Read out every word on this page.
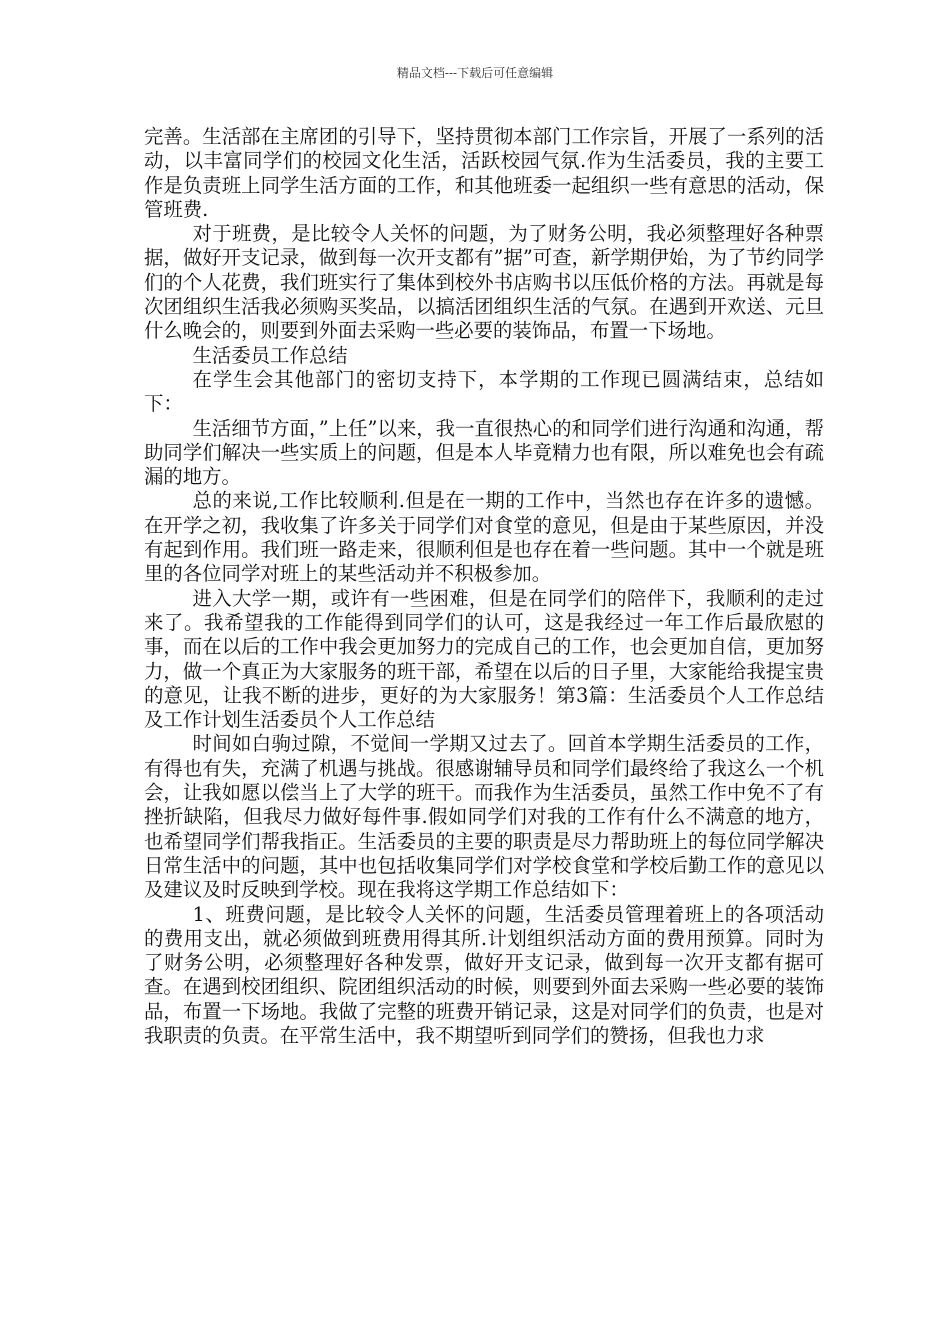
精品文档---下载后可任意编辑

完善。生活部在主席团的引导下，坚持贯彻本部门工作宗旨，开展了一系列的活动，以丰富同学们的校园文化生活，活跃校园气氛.作为生活委员，我的主要工作是负责班上同学生活方面的工作，和其他班委一起组织一些有意思的活动，保管班费.

对于班费，是比较令人关怀的问题，为了财务公明，我必须整理好各种票据，做好开支记录，做到每一次开支都有”据”可查，新学期伊始，为了节约同学们的个人花费，我们班实行了集体到校外书店购书以压低价格的方法。再就是每次团组织生活我必须购买奖品，以搞活团组织生活的气氛。在遇到开欢送、元旦什么晚会的，则要到外面去采购一些必要的装饰品，布置一下场地。

生活委员工作总结

在学生会其他部门的密切支持下，本学期的工作现已圆满结束，总结如下：

生活细节方面，”上任”以来，我一直很热心的和同学们进行沟通和沟通，帮助同学们解决一些实质上的问题，但是本人毕竟精力也有限，所以难免也会有疏漏的地方。

总的来说,工作比较顺利.但是在一期的工作中，当然也存在许多的遗憾。在开学之初，我收集了许多关于同学们对食堂的意见，但是由于某些原因，并没有起到作用。我们班一路走来，很顺利但是也存在着一些问题。其中一个就是班里的各位同学对班上的某些活动并不积极参加。

进入大学一期，或许有一些困难，但是在同学们的陪伴下，我顺利的走过来了。我希望我的工作能得到同学们的认可，这是我经过一年工作后最欣慰的事，而在以后的工作中我会更加努力的完成自己的工作，也会更加自信，更加努力，做一个真正为大家服务的班干部，希望在以后的日子里，大家能给我提宝贵的意见，让我不断的进步，更好的为大家服务！第3篇：生活委员个人工作总结及工作计划生活委员个人工作总结

时间如白驹过隙，不觉间一学期又过去了。回首本学期生活委员的工作，有得也有失，充满了机遇与挑战。很感谢辅导员和同学们最终给了我这么一个机会，让我如愿以偿当上了大学的班干。而我作为生活委员，虽然工作中免不了有挫折缺陷，但我尽力做好每件事.假如同学们对我的工作有什么不满意的地方，也希望同学们帮我指正。生活委员的主要的职责是尽力帮助班上的每位同学解决日常生活中的问题，其中也包括收集同学们对学校食堂和学校后勤工作的意见以及建议及时反映到学校。现在我将这学期工作总结如下：

1、班费问题，是比较令人关怀的问题，生活委员管理着班上的各项活动的费用支出，就必须做到班费用得其所.计划组织活动方面的费用预算。同时为了财务公明，必须整理好各种发票，做好开支记录，做到每一次开支都有据可查。在遇到校团组织、院团组织活动的时候，则要到外面去采购一些必要的装饰品，布置一下场地。我做了完整的班费开销记录，这是对同学们的负责，也是对我职责的负责。在平常生活中，我不期望听到同学们的赞扬，但我也力求
